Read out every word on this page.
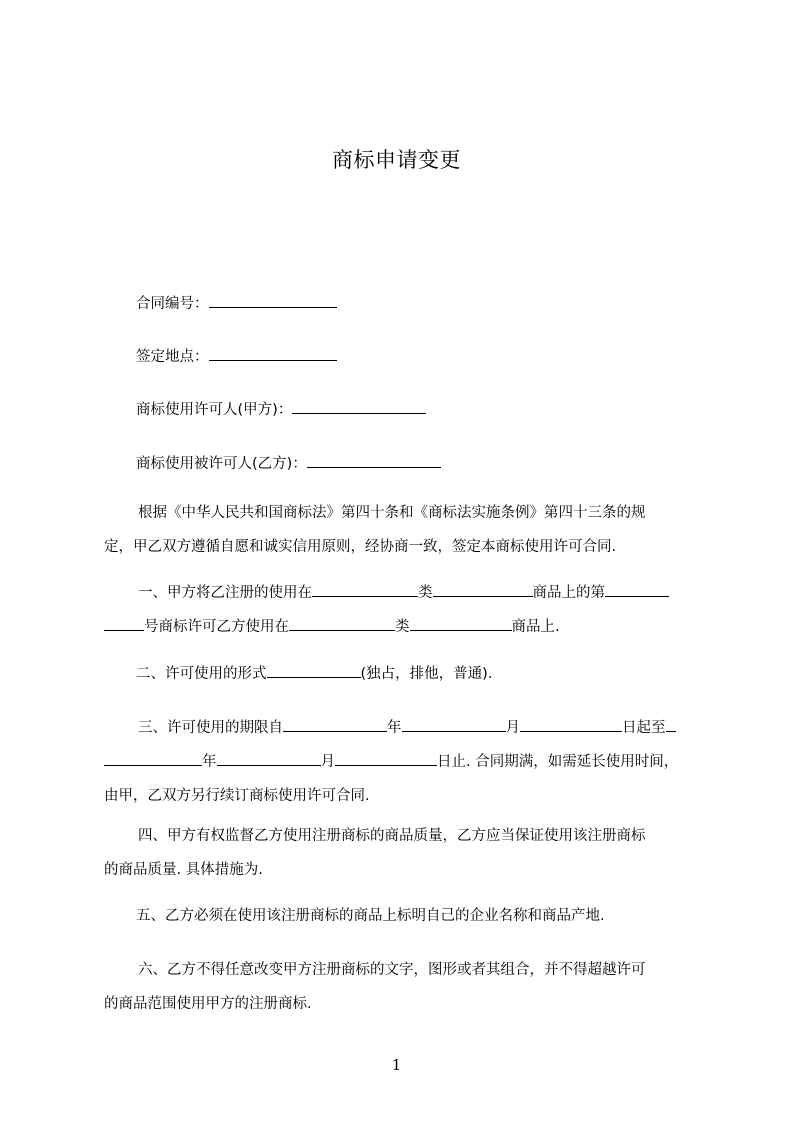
商标申请变更
合同编号：
签定地点：
商标使用许可人(甲方)：
商标使用被许可人(乙方)：
根据《中华人民共和国商标法》第四十条和《商标法实施条例》第四十三条的规
定，甲乙双方遵循自愿和诚实信用原则，经协商一致，签定本商标使用许可合同.
一、甲方将乙注册的使用在	类	商品上的第
号商标许可乙方使用在	类	商品上.
二、许可使用的形式	(独占，排他，普通).
三、许可使用的期限自	年	月	日起至
年	月	日止. 合同期满，如需延长使用时间，
由甲，乙双方另行续订商标使用许可合同.
四、甲方有权监督乙方使用注册商标的商品质量，乙方应当保证使用该注册商标
的商品质量. 具体措施为.
五、乙方必须在使用该注册商标的商品上标明自己的企业名称和商品产地.
六、乙方不得任意改变甲方注册商标的文字，图形或者其组合，并不得超越许可
的商品范围使用甲方的注册商标.
1
